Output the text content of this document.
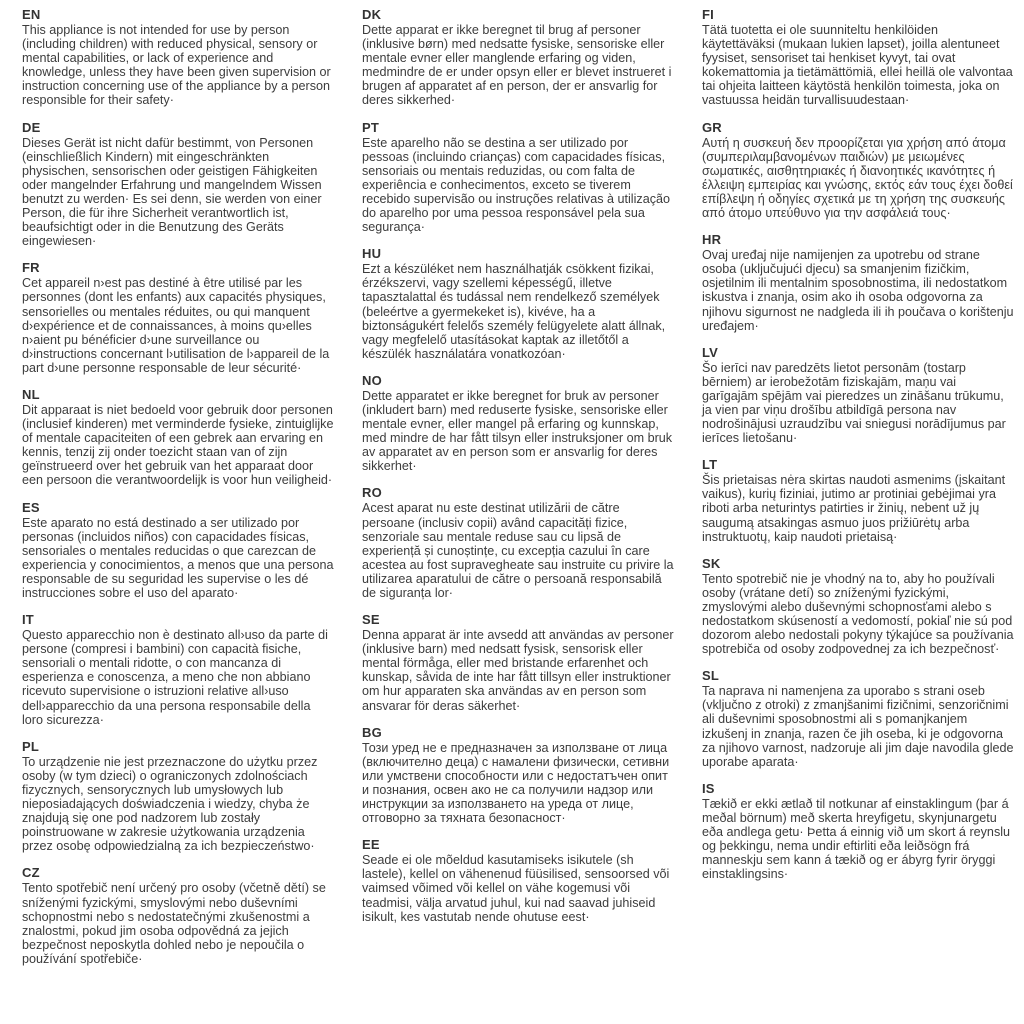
EN

This appliance is not intended for use by person (including children) with reduced physical, sensory or mental capabilities, or lack of experience and knowledge, unless they have been given supervision or instruction concerning use of the appliance by a person responsible for their safety·

DE

Dieses Gerät ist nicht dafür bestimmt, von Personen (einschließlich Kindern) mit eingeschränkten physischen, sensorischen oder geistigen Fähigkeiten oder mangelnder Erfahrung und mangelndem Wissen benutzt zu werden· Es sei denn, sie werden von einer Person, die für ihre Sicherheit verantwortlich ist, beaufsichtigt oder in die Benutzung des Geräts eingewiesen·

FR

Cet appareil n›est pas destiné à être utilisé par les personnes (dont les enfants) aux capacités physiques, sensorielles ou mentales réduites, ou qui manquent d›expérience et de connaissances, à moins qu›elles n›aient pu bénéficier d›une surveillance ou d›instructions concernant l›utilisation de l›appareil de la part d›une personne responsable de leur sécurité·

NL

Dit apparaat is niet bedoeld voor gebruik door personen (inclusief kinderen) met verminderde fysieke, zintuiglijke of mentale capaciteiten of een gebrek aan ervaring en kennis, tenzij zij onder toezicht staan van of zijn geïnstrueerd over het gebruik van het apparaat door een persoon die verantwoordelijk is voor hun veiligheid·

ES

Este aparato no está destinado a ser utilizado por personas (incluidos niños) con capacidades físicas, sensoriales o mentales reducidas o que carezcan de experiencia y conocimientos, a menos que una persona responsable de su seguridad les supervise o les dé instrucciones sobre el uso del aparato·

IT

Questo apparecchio non è destinato all›uso da parte di persone (compresi i bambini) con capacità fisiche, sensoriali o mentali ridotte, o con mancanza di esperienza e conoscenza, a meno che non abbiano ricevuto supervisione o istruzioni relative all›uso dell›apparecchio da una persona responsabile della loro sicurezza·

PL

To urządzenie nie jest przeznaczone do użytku przez osoby (w tym dzieci) o ograniczonych zdolnościach fizycznych, sensorycznych lub umysłowych lub nieposiadających doświadczenia i wiedzy, chyba że znajdują się one pod nadzorem lub zostały poinstruowane w zakresie użytkowania urządzenia przez osobę odpowiedzialną za ich bezpieczeństwo·

CZ

Tento spotřebič není určený pro osoby (včetně dětí) se sníženými fyzickými, smyslovými nebo duševními schopnostmi nebo s nedostatečnými zkušenostmi a znalostmi, pokud jim osoba odpovědná za jejich bezpečnost neposkytla dohled nebo je nepoučila o používání spotřebiče·

DK

Dette apparat er ikke beregnet til brug af personer (inklusive børn) med nedsatte fysiske, sensoriske eller mentale evner eller manglende erfaring og viden, medmindre de er under opsyn eller er blevet instrueret i brugen af apparatet af en person, der er ansvarlig for deres sikkerhed·

PT

Este aparelho não se destina a ser utilizado por pessoas (incluindo crianças) com capacidades físicas, sensoriais ou mentais reduzidas, ou com falta de experiência e conhecimentos, exceto se tiverem recebido supervisão ou instruções relativas à utilização do aparelho por uma pessoa responsável pela sua segurança·

HU

Ezt a készüléket nem használhatják csökkent fizikai, érzékszervi, vagy szellemi képességű, illetve tapasztalattal és tudással nem rendelkező személyek (beleértve a gyermekeket is), kivéve, ha a biztonságukért felelős személy felügyelete alatt állnak, vagy megfelelő utasításokat kaptak az illetőtől a készülék használatára vonatkozóan·

NO

Dette apparatet er ikke beregnet for bruk av personer (inkludert barn) med reduserte fysiske, sensoriske eller mentale evner, eller mangel på erfaring og kunnskap, med mindre de har fått tilsyn eller instruksjoner om bruk av apparatet av en person som er ansvarlig for deres sikkerhet·

RO

Acest aparat nu este destinat utilizării de către persoane (inclusiv copii) având capacități fizice, senzoriale sau mentale reduse sau cu lipsă de experiență și cunoștințe, cu excepția cazului în care acestea au fost supravegheate sau instruite cu privire la utilizarea aparatului de către o persoană responsabilă de siguranța lor·

SE

Denna apparat är inte avsedd att användas av personer (inklusive barn) med nedsatt fysisk, sensorisk eller mental förmåga, eller med bristande erfarenhet och kunskap, såvida de inte har fått tillsyn eller instruktioner om hur apparaten ska användas av en person som ansvarar för deras säkerhet·

BG

Този уред не е предназначен за използване от лица (включително деца) с намалени физически, сетивни или умствени способности или с недостатъчен опит и познания, освен ако не са получили надзор или инструкции за използването на уреда от лице, отговорно за тяхната безопасност·

EE

Seade ei ole mõeldud kasutamiseks isikutele (sh lastele), kellel on vähenenud füüsilised, sensoorsed või vaimsed võimed või kellel on vähe kogemusi või teadmisi, välja arvatud juhul, kui nad saavad juhiseid isikult, kes vastutab nende ohutuse eest·

FI

Tätä tuotetta ei ole suunniteltu henkilöiden käytettäväksi (mukaan lukien lapset), joilla alentuneet fyysiset, sensoriset tai henkiset kyvyt, tai ovat kokemattomia ja tietämättömiä, ellei heillä ole valvontaa tai ohjeita laitteen käytöstä henkilön toimesta, joka on vastuussa heidän turvallisuudestaan·

GR

Αυτή η συσκευή δεν προορίζεται για χρήση από άτομα (συμπεριλαμβανομένων παιδιών) με μειωμένες σωματικές, αισθητηριακές ή διανοητικές ικανότητες ή έλλειψη εμπειρίας και γνώσης, εκτός εάν τους έχει δοθεί επίβλεψη ή οδηγίες σχετικά με τη χρήση της συσκευής από άτομο υπεύθυνο για την ασφάλειά τους·

HR

Ovaj uređaj nije namijenjen za upotrebu od strane osoba (uključujući djecu) sa smanjenim fizičkim, osjetilnim ili mentalnim sposobnostima, ili nedostatkom iskustva i znanja, osim ako ih osoba odgovorna za njihovu sigurnost ne nadgleda ili ih poučava o korištenju uređajem·

LV

Šo ierīci nav paredzēts lietot personām (tostarp bērniem) ar ierobežotām fiziskajām, maņu vai garīgajām spējām vai pieredzes un zināšanu trūkumu, ja vien par viņu drošību atbildīgā persona nav nodrošinājusi uzraudzību vai sniegusi norādījumus par ierīces lietošanu·

LT

Šis prietaisas nėra skirtas naudoti asmenims (įskaitant vaikus), kurių fiziniai, jutimo ar protiniai gebėjimai yra riboti arba neturintys patirties ir žinių, nebent už jų saugumą atsakingas asmuo juos prižiūrėtų arba instruktuotų, kaip naudoti prietaisą·

SK

Tento spotrebič nie je vhodný na to, aby ho používali osoby (vrátane detí) so zníženými fyzickými, zmyslovými alebo duševnými schopnosťami alebo s nedostatkom skúseností a vedomostí, pokiaľ nie sú pod dozorom alebo nedostali pokyny týkajúce sa používania spotrebiča od osoby zodpovednej za ich bezpečnosť·

SL

Ta naprava ni namenjena za uporabo s strani oseb (vključno z otroki) z zmanjšanimi fizičnimi, senzoričnimi ali duševnimi sposobnostmi ali s pomanjkanjem izkušenj in znanja, razen če jih oseba, ki je odgovorna za njihovo varnost, nadzoruje ali jim daje navodila glede uporabe aparata·

IS

Tækið er ekki ætlað til notkunar af einstaklingum (þar á meðal börnum) með skerta hreyfigetu, skynjunargetu eða andlega getu· Þetta á einnig við um skort á reynslu og þekkingu, nema undir eftirliti eða leiðsögn frá manneskju sem kann á tækið og er ábyrg fyrir öryggi einstaklingsins·
